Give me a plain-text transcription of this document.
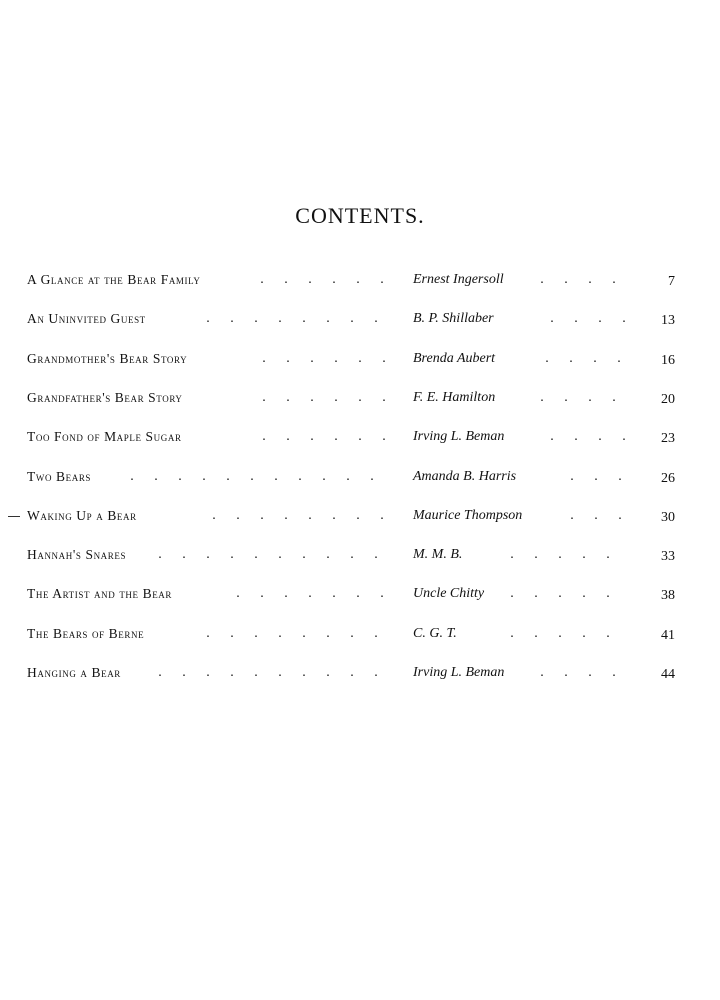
CONTENTS.
A Glance at the Bear Family	. . . . . .	Ernest Ingersoll	. . . .	7
An Uninvited Guest	. . . . . . . .	B. P. Shillaber	. . . .	13
Grandmother's Bear Story	. . . . . .	Brenda Aubert	. . . .	16
Grandfather's Bear Story	. . . . . .	F. E. Hamilton	. . . .	20
Too Fond of Maple Sugar	. . . . . .	Irving L. Beman	. . . .	23
Two Bears	. . . . . . . . . . .	Amanda B. Harris	. . .	26
Waking Up a Bear	. . . . . . . .	Maurice Thompson	. . .	30
Hannah's Snares	. . . . . . . . . .	M. M. B.	. . . . .	33
The Artist and the Bear	. . . . . . .	Uncle Chitty	. . . . .	38
The Bears of Berne	. . . . . . . .	C. G. T.	. . . . .	41
Hanging a Bear	. . . . . . . . . .	Irving L. Beman	. . . .	44
